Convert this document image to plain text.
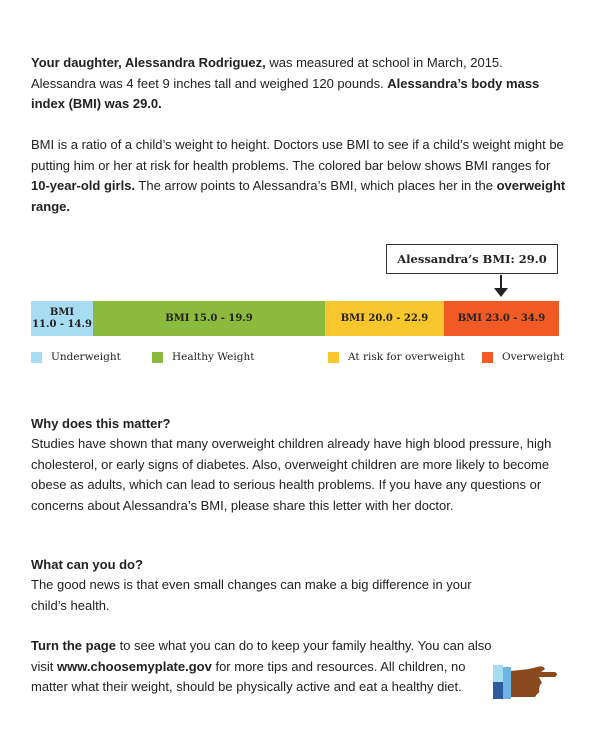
Your daughter, Alessandra Rodriguez, was measured at school in March, 2015.
Alessandra was 4 feet 9 inches tall and weighed 120 pounds. Alessandra’s body mass index (BMI) was 29.0.

BMI is a ratio of a child’s weight to height. Doctors use BMI to see if a child’s weight might be putting him or her at risk for health problems. The colored bar below shows BMI ranges for 10-year-old girls. The arrow points to Alessandra’s BMI, which places her in the overweight range.

Alessandra’s BMI: 29.0
BMI
11.0 - 14.9
BMI 15.0 - 19.9	BMI 20.0 - 22.9	BMI 23.0 - 34.9
Underweight	Healthy Weight	At risk for overweight	Overweight

Why does this matter?

Studies have shown that many overweight children already have high blood pressure, high cholesterol, or early signs of diabetes. Also, overweight children are more likely to become obese as adults, which can lead to serious health problems. If you have any questions or concerns about Alessandra’s BMI, please share this letter with her doctor.

What can you do?

The good news is that even small changes can make a big difference in your child’s health.

Turn the page to see what you can do to keep your family healthy. You can also visit www.choosemyplate.gov for more tips and resources. All children, no matter what their weight, should be physically active and eat a healthy diet.
